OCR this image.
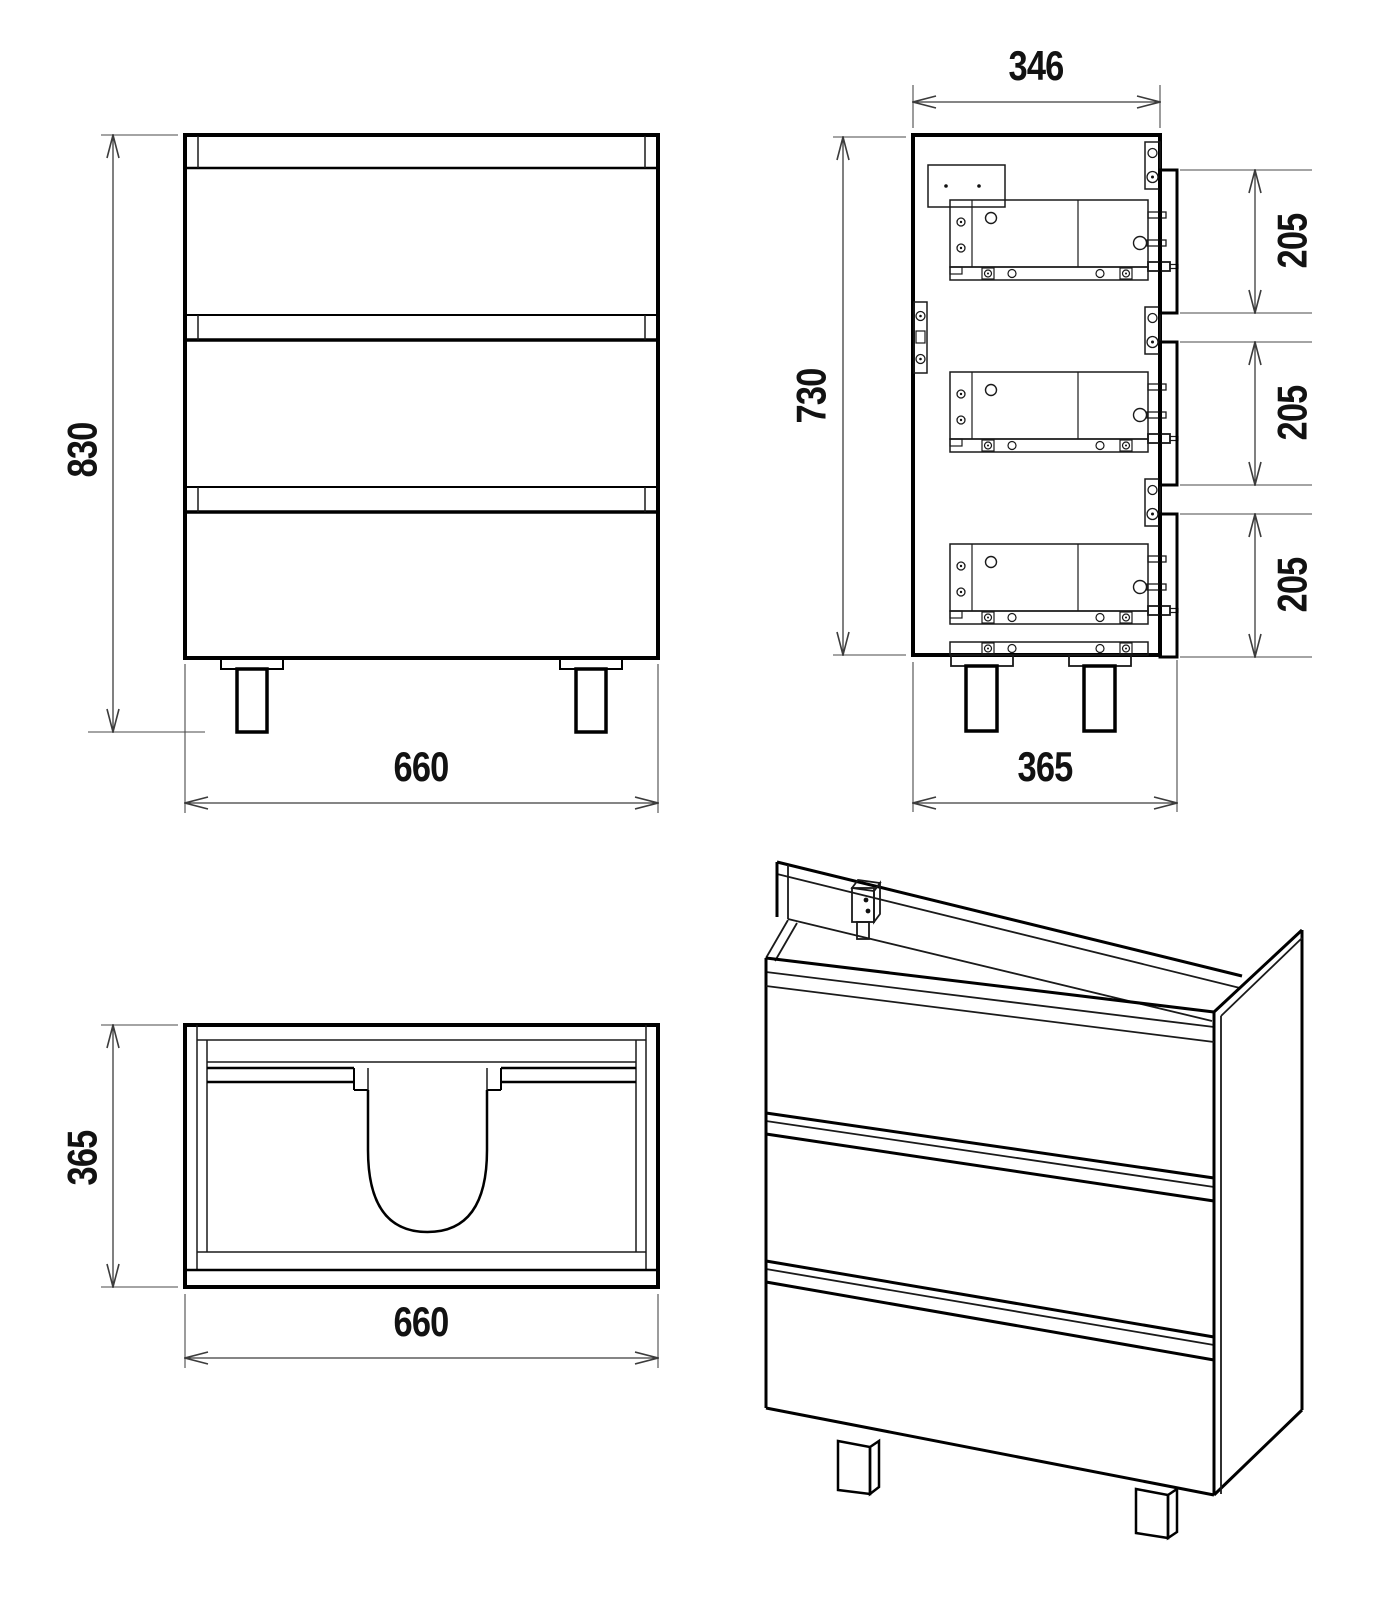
830
660
346
730
365
205
205
205
365
660
